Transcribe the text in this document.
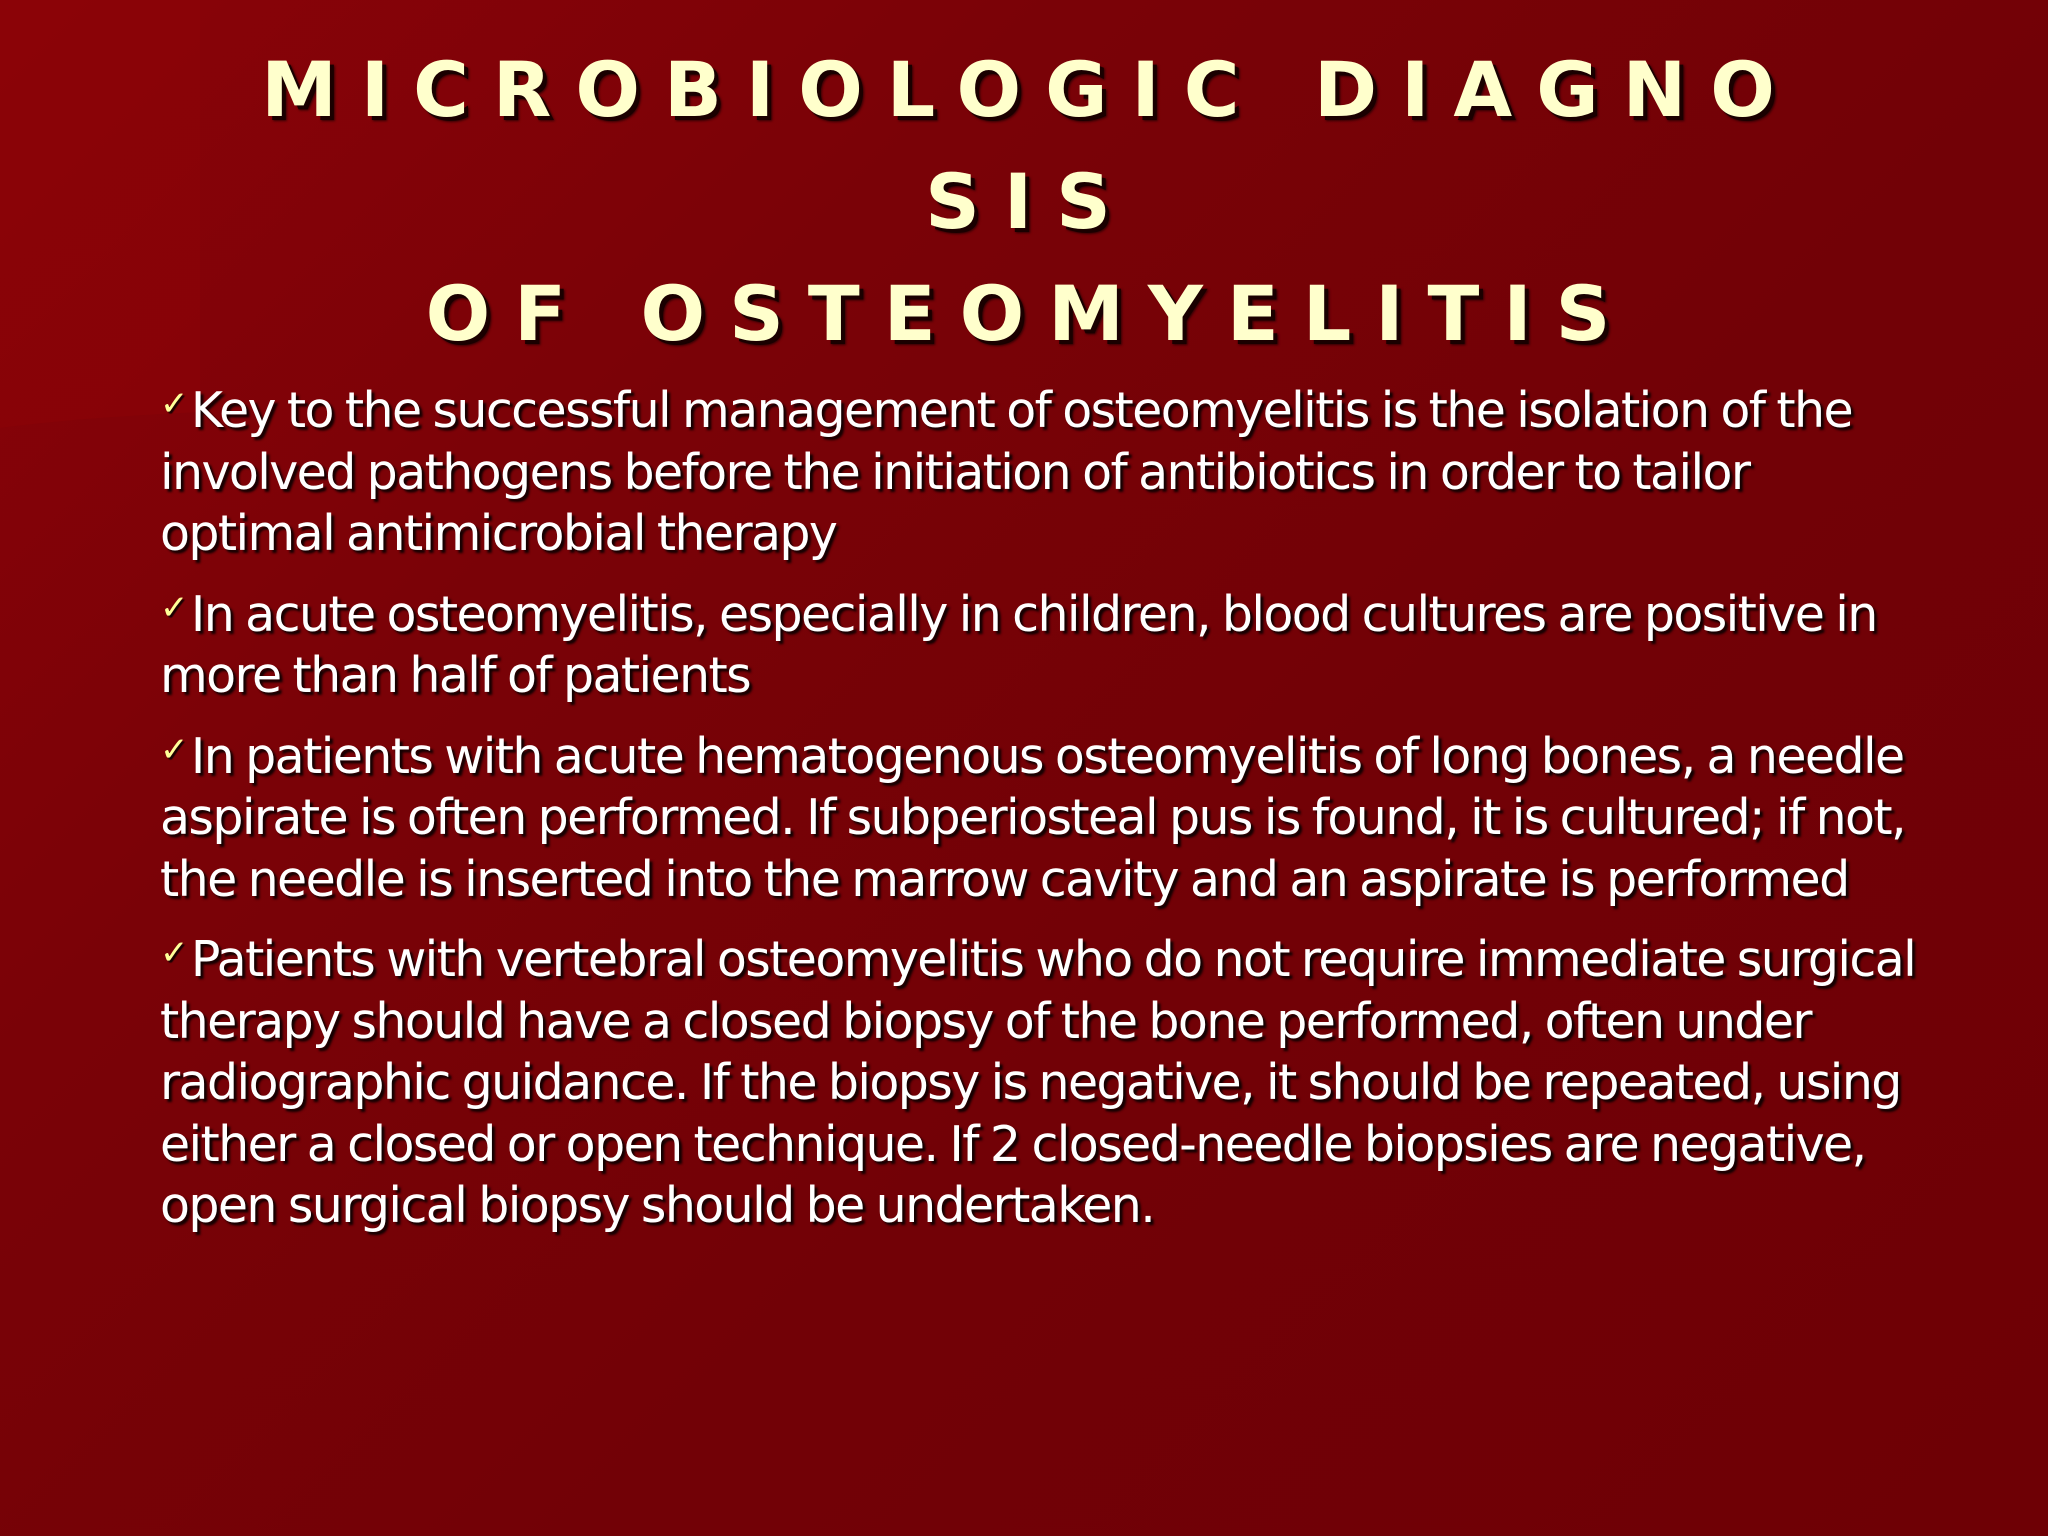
MICROBIOLOGIC DIAGNO
SIS
OF OSTEOMYELITIS
✓Key to the successful management of osteomyelitis is the isolation of the involved pathogens before the initiation of antibiotics in order to tailor optimal antimicrobial therapy
✓In acute osteomyelitis, especially in children, blood cultures are positive in more than half of patients
✓In patients with acute hematogenous osteomyelitis of long bones, a needle aspirate is often performed. If subperiosteal pus is found, it is cultured; if not, the needle is inserted into the marrow cavity and an aspirate is performed
✓Patients with vertebral osteomyelitis who do not require immediate surgical therapy should have a closed biopsy of the bone performed, often under radiographic guidance. If the biopsy is negative, it should be repeated, using either a closed or open technique. If 2 closed-needle biopsies are negative, open surgical biopsy should be undertaken.
